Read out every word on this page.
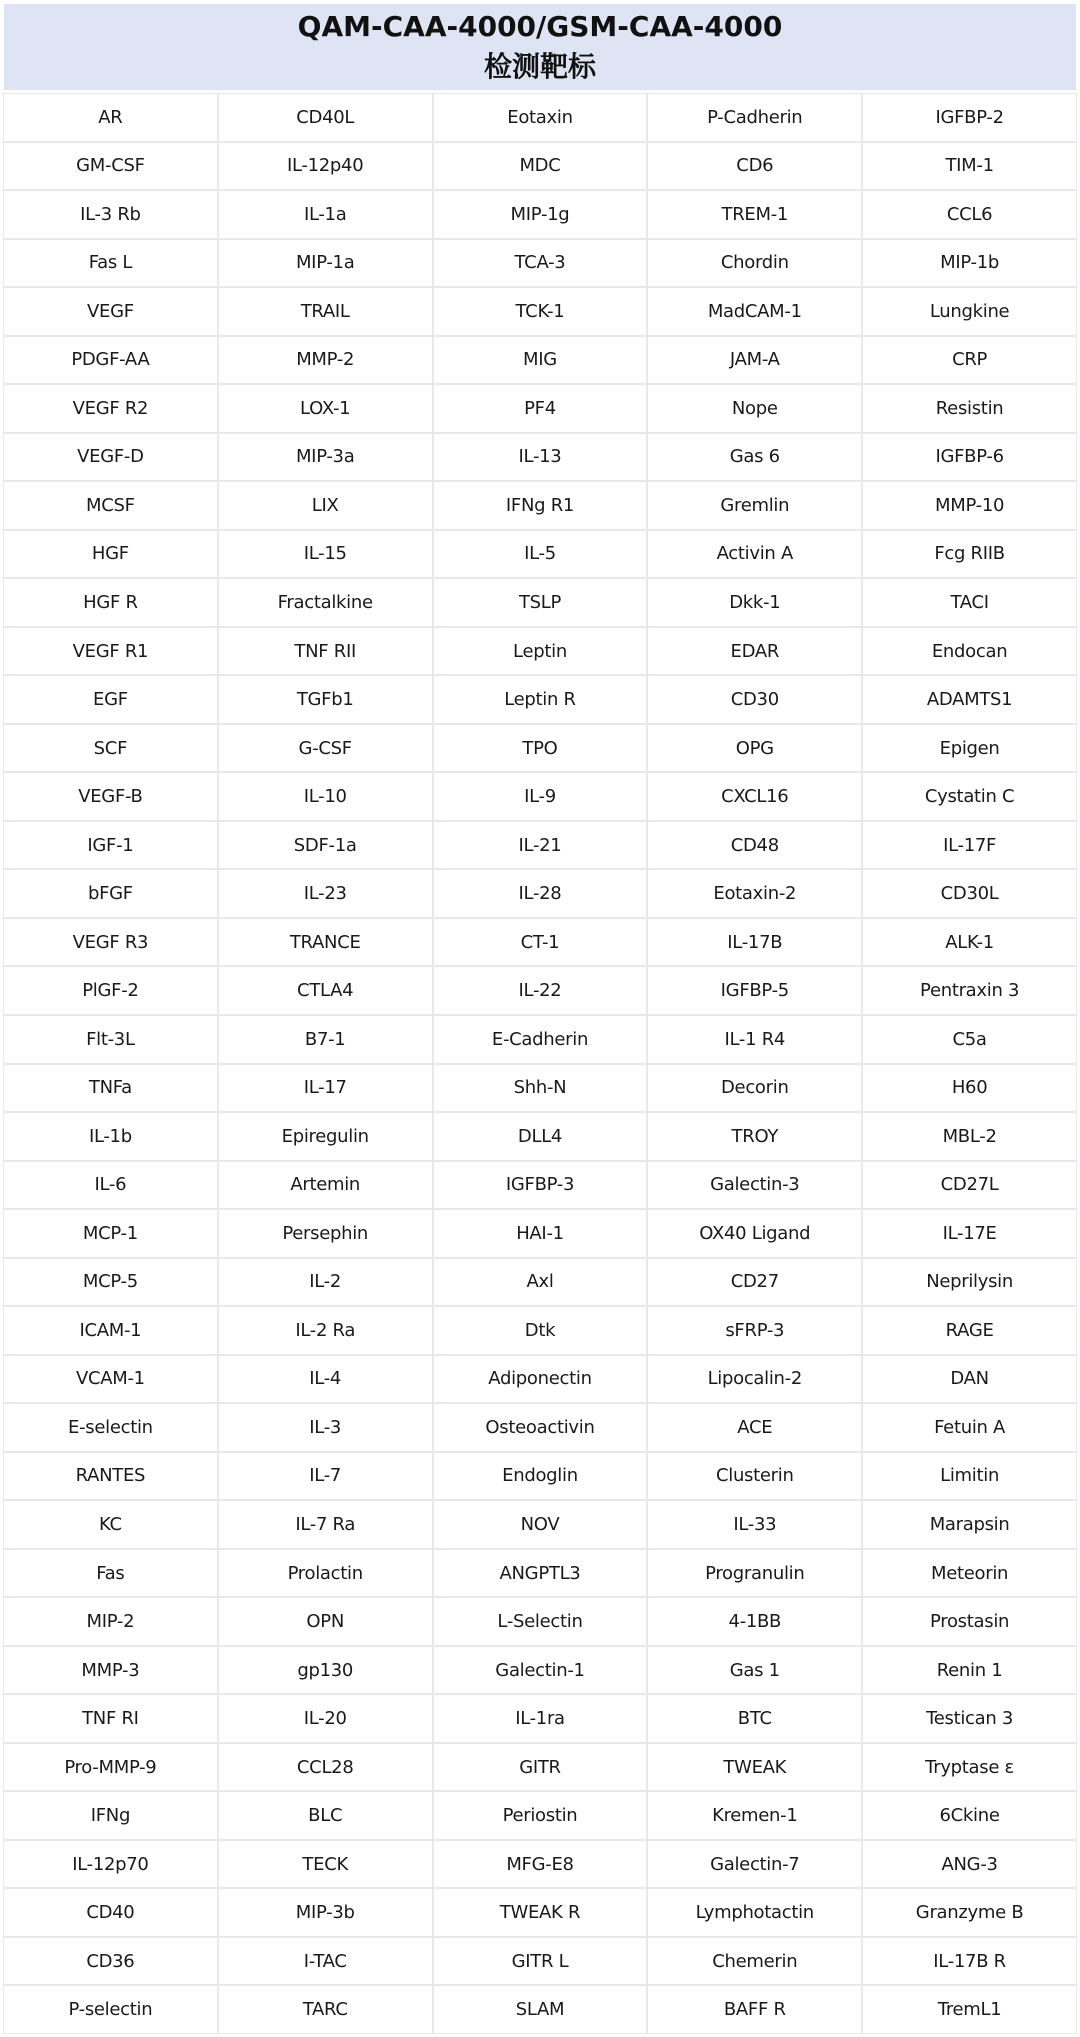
QAM-CAA-4000/GSM-CAA-4000
检测靶标
AR	CD40L	Eotaxin	P-Cadherin	IGFBP-2
GM-CSF	IL-12p40	MDC	CD6	TIM-1
IL-3 Rb	IL-1a	MIP-1g	TREM-1	CCL6
Fas L	MIP-1a	TCA-3	Chordin	MIP-1b
VEGF	TRAIL	TCK-1	MadCAM-1	Lungkine
PDGF-AA	MMP-2	MIG	JAM-A	CRP
VEGF R2	LOX-1	PF4	Nope	Resistin
VEGF-D	MIP-3a	IL-13	Gas 6	IGFBP-6
MCSF	LIX	IFNg R1	Gremlin	MMP-10
HGF	IL-15	IL-5	Activin A	Fcg RIIB
HGF R	Fractalkine	TSLP	Dkk-1	TACI
VEGF R1	TNF RII	Leptin	EDAR	Endocan
EGF	TGFb1	Leptin R	CD30	ADAMTS1
SCF	G-CSF	TPO	OPG	Epigen
VEGF-B	IL-10	IL-9	CXCL16	Cystatin C
IGF-1	SDF-1a	IL-21	CD48	IL-17F
bFGF	IL-23	IL-28	Eotaxin-2	CD30L
VEGF R3	TRANCE	CT-1	IL-17B	ALK-1
PlGF-2	CTLA4	IL-22	IGFBP-5	Pentraxin 3
Flt-3L	B7-1	E-Cadherin	IL-1 R4	C5a
TNFa	IL-17	Shh-N	Decorin	H60
IL-1b	Epiregulin	DLL4	TROY	MBL-2
IL-6	Artemin	IGFBP-3	Galectin-3	CD27L
MCP-1	Persephin	HAI-1	OX40 Ligand	IL-17E
MCP-5	IL-2	Axl	CD27	Neprilysin
ICAM-1	IL-2 Ra	Dtk	sFRP-3	RAGE
VCAM-1	IL-4	Adiponectin	Lipocalin-2	DAN
E-selectin	IL-3	Osteoactivin	ACE	Fetuin A
RANTES	IL-7	Endoglin	Clusterin	Limitin
KC	IL-7 Ra	NOV	IL-33	Marapsin
Fas	Prolactin	ANGPTL3	Progranulin	Meteorin
MIP-2	OPN	L-Selectin	4-1BB	Prostasin
MMP-3	gp130	Galectin-1	Gas 1	Renin 1
TNF RI	IL-20	IL-1ra	BTC	Testican 3
Pro-MMP-9	CCL28	GITR	TWEAK	Tryptase ε
IFNg	BLC	Periostin	Kremen-1	6Ckine
IL-12p70	TECK	MFG-E8	Galectin-7	ANG-3
CD40	MIP-3b	TWEAK R	Lymphotactin	Granzyme B
CD36	I-TAC	GITR L	Chemerin	IL-17B R
P-selectin	TARC	SLAM	BAFF R	TremL1
